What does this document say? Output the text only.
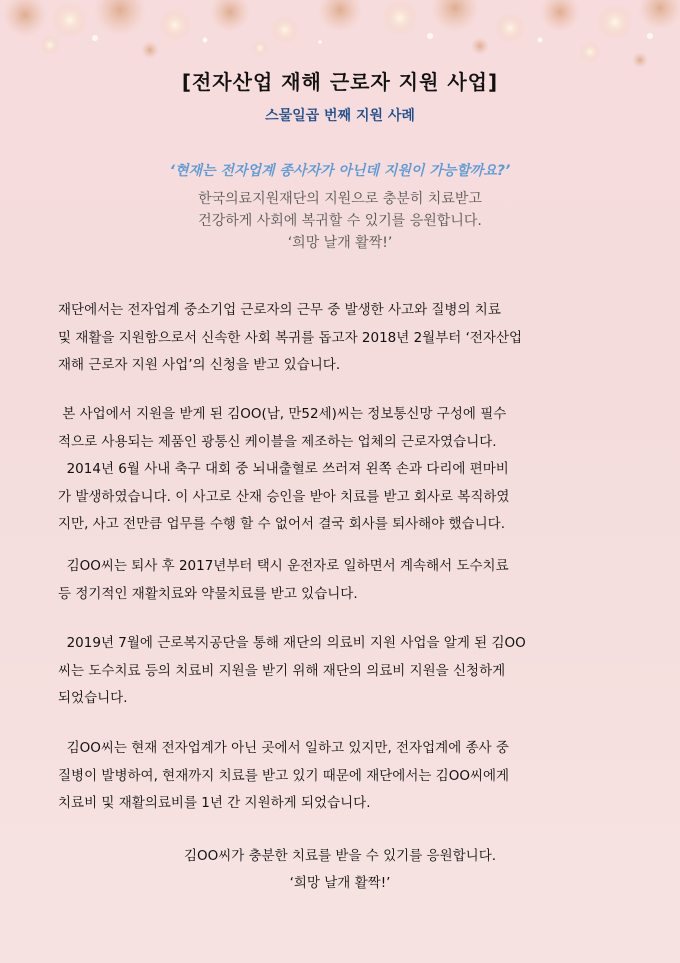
[전자산업 재해 근로자 지원 사업]
스물일곱 번째 지원 사례
‘현재는 전자업계 종사자가 아닌데 지원이 가능할까요?’
한국의료지원재단의 지원으로 충분히 치료받고
건강하게 사회에 복귀할 수 있기를 응원합니다.
‘희망 날개 활짝!’
재단에서는 전자업계 중소기업 근로자의 근무 중 발생한 사고와 질병의 치료
및 재활을 지원함으로서 신속한 사회 복귀를 돕고자 2018년 2월부터 ‘전자산업
재해 근로자 지원 사업’의 신청을 받고 있습니다.
본 사업에서 지원을 받게 된 김OO(남, 만52세)씨는 정보통신망 구성에 필수
적으로 사용되는 제품인 광통신 케이블을 제조하는 업체의 근로자였습니다.
2014년 6월 사내 축구 대회 중 뇌내출혈로 쓰러져 왼쪽 손과 다리에 편마비
가 발생하였습니다. 이 사고로 산재 승인을 받아 치료를 받고 회사로 복직하였
지만, 사고 전만큼 업무를 수행 할 수 없어서 결국 회사를 퇴사해야 했습니다.
김OO씨는 퇴사 후 2017년부터 택시 운전자로 일하면서 계속해서 도수치료
등 정기적인 재활치료와 약물치료를 받고 있습니다.
2019년 7월에 근로복지공단을 통해 재단의 의료비 지원 사업을 알게 된 김OO
씨는 도수치료 등의 치료비 지원을 받기 위해 재단의 의료비 지원을 신청하게
되었습니다.
김OO씨는 현재 전자업계가 아닌 곳에서 일하고 있지만, 전자업계에 종사 중
질병이 발병하여, 현재까지 치료를 받고 있기 때문에 재단에서는 김OO씨에게
치료비 및 재활의료비를 1년 간 지원하게 되었습니다.
김OO씨가 충분한 치료를 받을 수 있기를 응원합니다.
‘희망 날개 활짝!’
